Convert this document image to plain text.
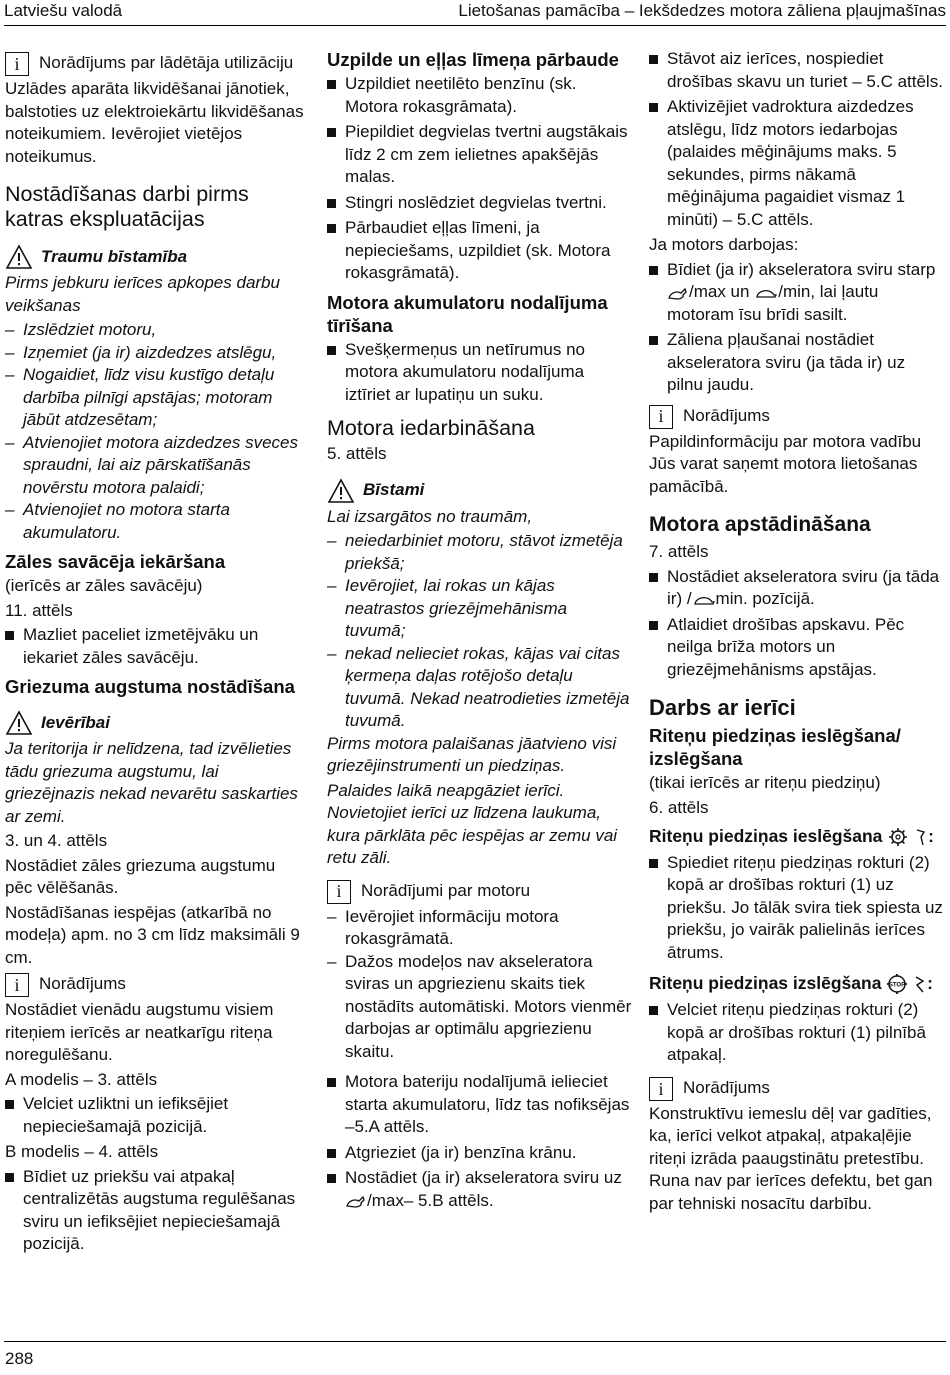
Latviešu valodā	Lietošanas pamācība – Iekšdedzes motora zāliena pļaujmašīnas
i	Norādījums par lādētāja utilizāciju

Uzlādes aparāta likvidēšanai jānotiek, balstoties uz elektroiekārtu likvidēšanas noteikumiem. Ievērojiet vietējos noteikumus.

Nostādīšanas darbi pirms katras ekspluatācijas
Traumu bīstamība

Pirms jebkuru ierīces apkopes darbu veikšanas

– Izslēdziet motoru,
– Izņemiet (ja ir) aizdedzes atslēgu,
– Nogaidiet, līdz visu kustīgo detaļu darbība pilnīgi apstājas; motoram jābūt atdzesētam;
– Atvienojiet motora aizdedzes sveces spraudni, lai aiz pārskatīšanās novērstu motora palaidi;
– Atvienojiet no motora starta akumulatoru.
Zāles savācēja iekāršana

(ierīcēs ar zāles savācēju)

11. attēls

Mazliet paceliet izmetējvāku un iekariet zāles savācēju.
Griezuma augstuma nostādīšana
Ievērībai

Ja teritorija ir nelīdzena, tad izvēlieties tādu griezuma augstumu, lai griezējnazis nekad nevarētu saskarties ar zemi.

3. un 4. attēls

Nostādiet zāles griezuma augstumu pēc vēlēšanās.

Nostādīšanas iespējas (atkarībā no modeļa) apm. no 3 cm līdz maksimāli 9 cm.

i	Norādījums

Nostādiet vienādu augstumu visiem riteņiem ierīcēs ar neatkarīgu riteņa noregulēšanu.

A modelis – 3. attēls

Velciet uzliktni un iefiksējiet nepieciešamajā pozicijā.

B modelis – 4. attēls

Bīdiet uz priekšu vai atpakaļ centralizētās augstuma regulēšanas sviru un iefiksējiet nepieciešamajā pozicijā.
Uzpilde un eļļas līmeņa pārbaude
Uzpildiet neetilēto benzīnu (sk. Motora rokasgrāmata).
Piepildiet degvielas tvertni augstākais līdz 2 cm zem ielietnes apakšējās malas.
Stingri noslēdziet degvielas tvertni.
Pārbaudiet eļļas līmeni, ja nepieciešams, uzpildiet (sk. Motora rokasgrāmatā).
Motora akumulatoru nodalījuma tīrīšana
Svešķermeņus un netīrumus no motora akumulatoru nodalījuma iztīriet ar lupatiņu un suku.
Motora iedarbināšana

5. attēls

Bīstami

Lai izsargātos no traumām,

– neiedarbiniet motoru, stāvot izmetēja priekšā;
– Ievērojiet, lai rokas un kājas neatrastos griezējmehānisma tuvumā;
– nekad nelieciet rokas, kājas vai citas ķermeņa daļas rotējošo detaļu tuvumā. Nekad neatrodieties izmetēja tuvumā.

Pirms motora palaišanas jāatvieno visi griezējinstrumenti un piedziņas.

Palaides laikā neapgāziet ierīci. Novietojiet ierīci uz līdzena laukuma, kura pārklāta pēc iespējas ar zemu vai retu zāli.

i	Norādījumi par motoru
– Ievērojiet informāciju motora rokasgrāmatā.
– Dažos modeļos nav akseleratora sviras un apgriezienu skaits tiek nostādīts automātiski. Motors vienmēr darbojas ar optimālu apgriezienu skaitu.
Motora bateriju nodalījumā ielieciet starta akumulatoru, līdz tas nofiksējas –5.A attēls.
Atgrieziet (ja ir) benzīna krānu.
Nostādiet (ja ir) akseleratora sviru uz /max– 5.B attēls.
Stāvot aiz ierīces, nospiediet drošības skavu un turiet – 5.C attēls.
Aktivizējiet vadroktura aizdedzes atslēgu, līdz motors iedarbojas (palaides mēģinājums maks. 5 sekundes, pirms nākamā mēģinājuma pagaidiet vismaz 1 minūti) – 5.C attēls.

Ja motors darbojas:

Bīdiet (ja ir) akseleratora sviru starp /max un /min, lai ļautu motoram īsu brīdi sasilt.
Zāliena pļaušanai nostādiet akseleratora sviru (ja tāda ir) uz pilnu jaudu.
i	Norādījums

Papildinformāciju par motora vadību Jūs varat saņemt motora lietošanas pamācībā.

Motora apstādināšana

7. attēls

Nostādiet akseleratora sviru (ja tāda ir) / min. pozīcijā.
Atlaidiet drošības apskavu. Pēc neilga brīža motors un griezējmehānisms apstājas.
Darbs ar ierīci
Riteņu piedziņas ieslēgšana/ izslēgšana

(tikai ierīcēs ar riteņu piedziņu)

6. attēls

Riteņu piedziņas ieslēgšana	:
Spiediet riteņu piedziņas rokturi (2) kopā ar drošības rokturi (1) uz priekšu. Jo tālāk svira tiek spiesta uz priekšu, jo vairāk palielinās ierīces ātrums.
Riteņu piedziņas izslēgšana STOP :
Velciet riteņu piedziņas rokturi (2) kopā ar drošības rokturi (1) pilnībā atpakaļ.
i	Norādījums

Konstruktīvu iemeslu dēļ var gadīties, ka, ierīci velkot atpakaļ, atpakaļējie riteņi izrāda paaugstinātu pretestību. Runa nav par ierīces defektu, bet gan par tehniski nosacītu darbību.

288
